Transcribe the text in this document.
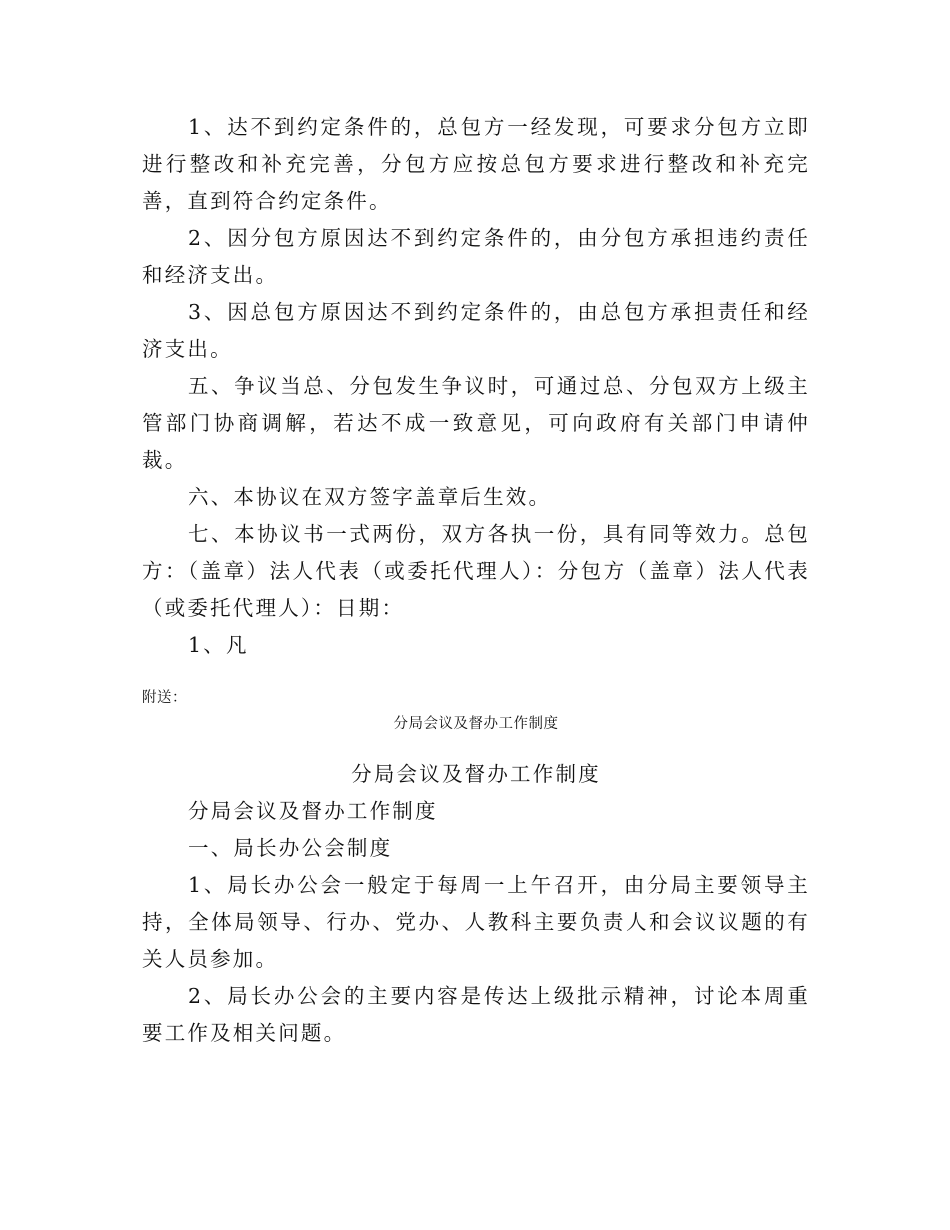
1、达不到约定条件的，总包方一经发现，可要求分包方立即进行整改和补充完善，分包方应按总包方要求进行整改和补充完善，直到符合约定条件。

2、因分包方原因达不到约定条件的，由分包方承担违约责任和经济支出。

3、因总包方原因达不到约定条件的，由总包方承担责任和经济支出。

五、争议当总、分包发生争议时，可通过总、分包双方上级主管部门协商调解，若达不成一致意见，可向政府有关部门申请仲裁。

六、本协议在双方签字盖章后生效。

七、本协议书一式两份，双方各执一份，具有同等效力。总包方：（盖章）法人代表（或委托代理人）：分包方（盖章）法人代表（或委托代理人）：日期：

1、凡

附送：

分局会议及督办工作制度

分局会议及督办工作制度

分局会议及督办工作制度

一、局长办公会制度

1、局长办公会一般定于每周一上午召开，由分局主要领导主持，全体局领导、行办、党办、人教科主要负责人和会议议题的有关人员参加。

2、局长办公会的主要内容是传达上级批示精神，讨论本周重要工作及相关问题。
